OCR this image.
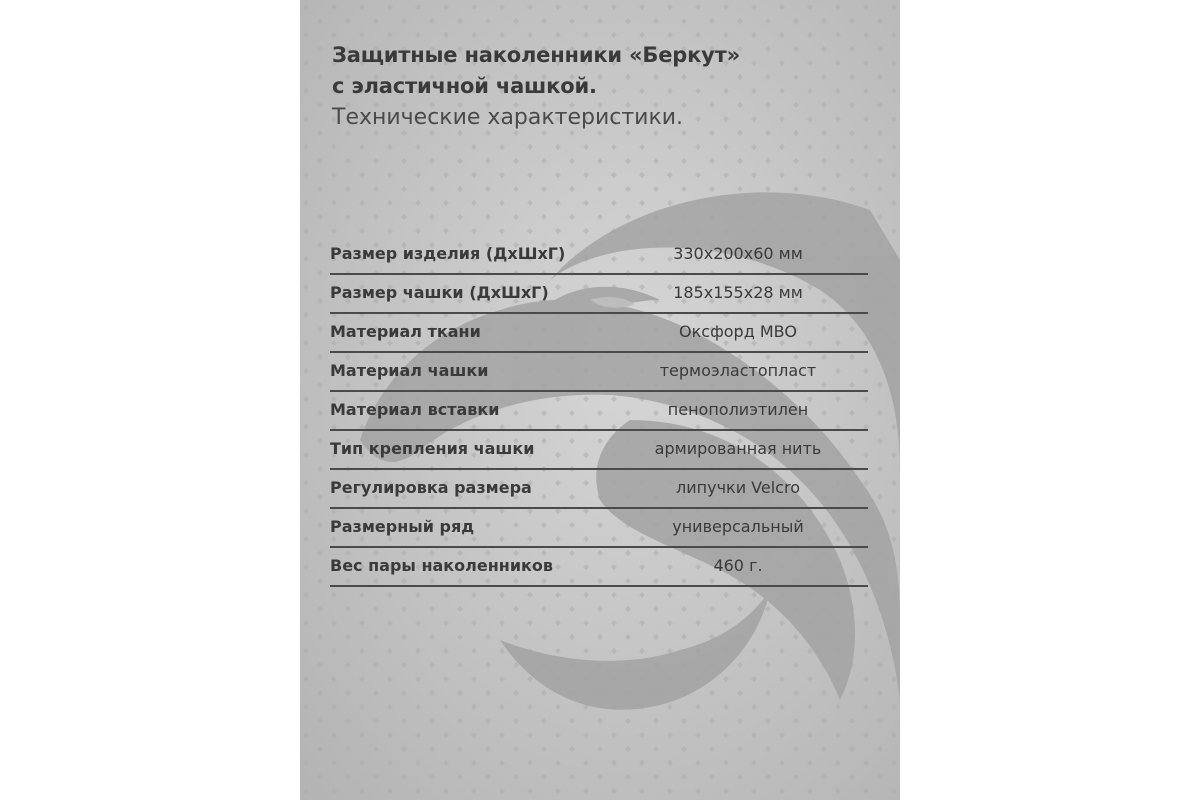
Защитные наколенники «Беркут»
с эластичной чашкой.
Технические характеристики.
Размер изделия (ДхШхГ)	330x200x60 мм
Размер чашки (ДхШхГ)	185x155x28 мм
Материал ткани	Оксфорд MBO
Материал чашки	термоэластопласт
Материал вставки	пенополиэтилен
Тип крепления чашки	армированная нить
Регулировка размера	липучки Velcro
Размерный ряд	универсальный
Вес пары наколенников	460 г.
